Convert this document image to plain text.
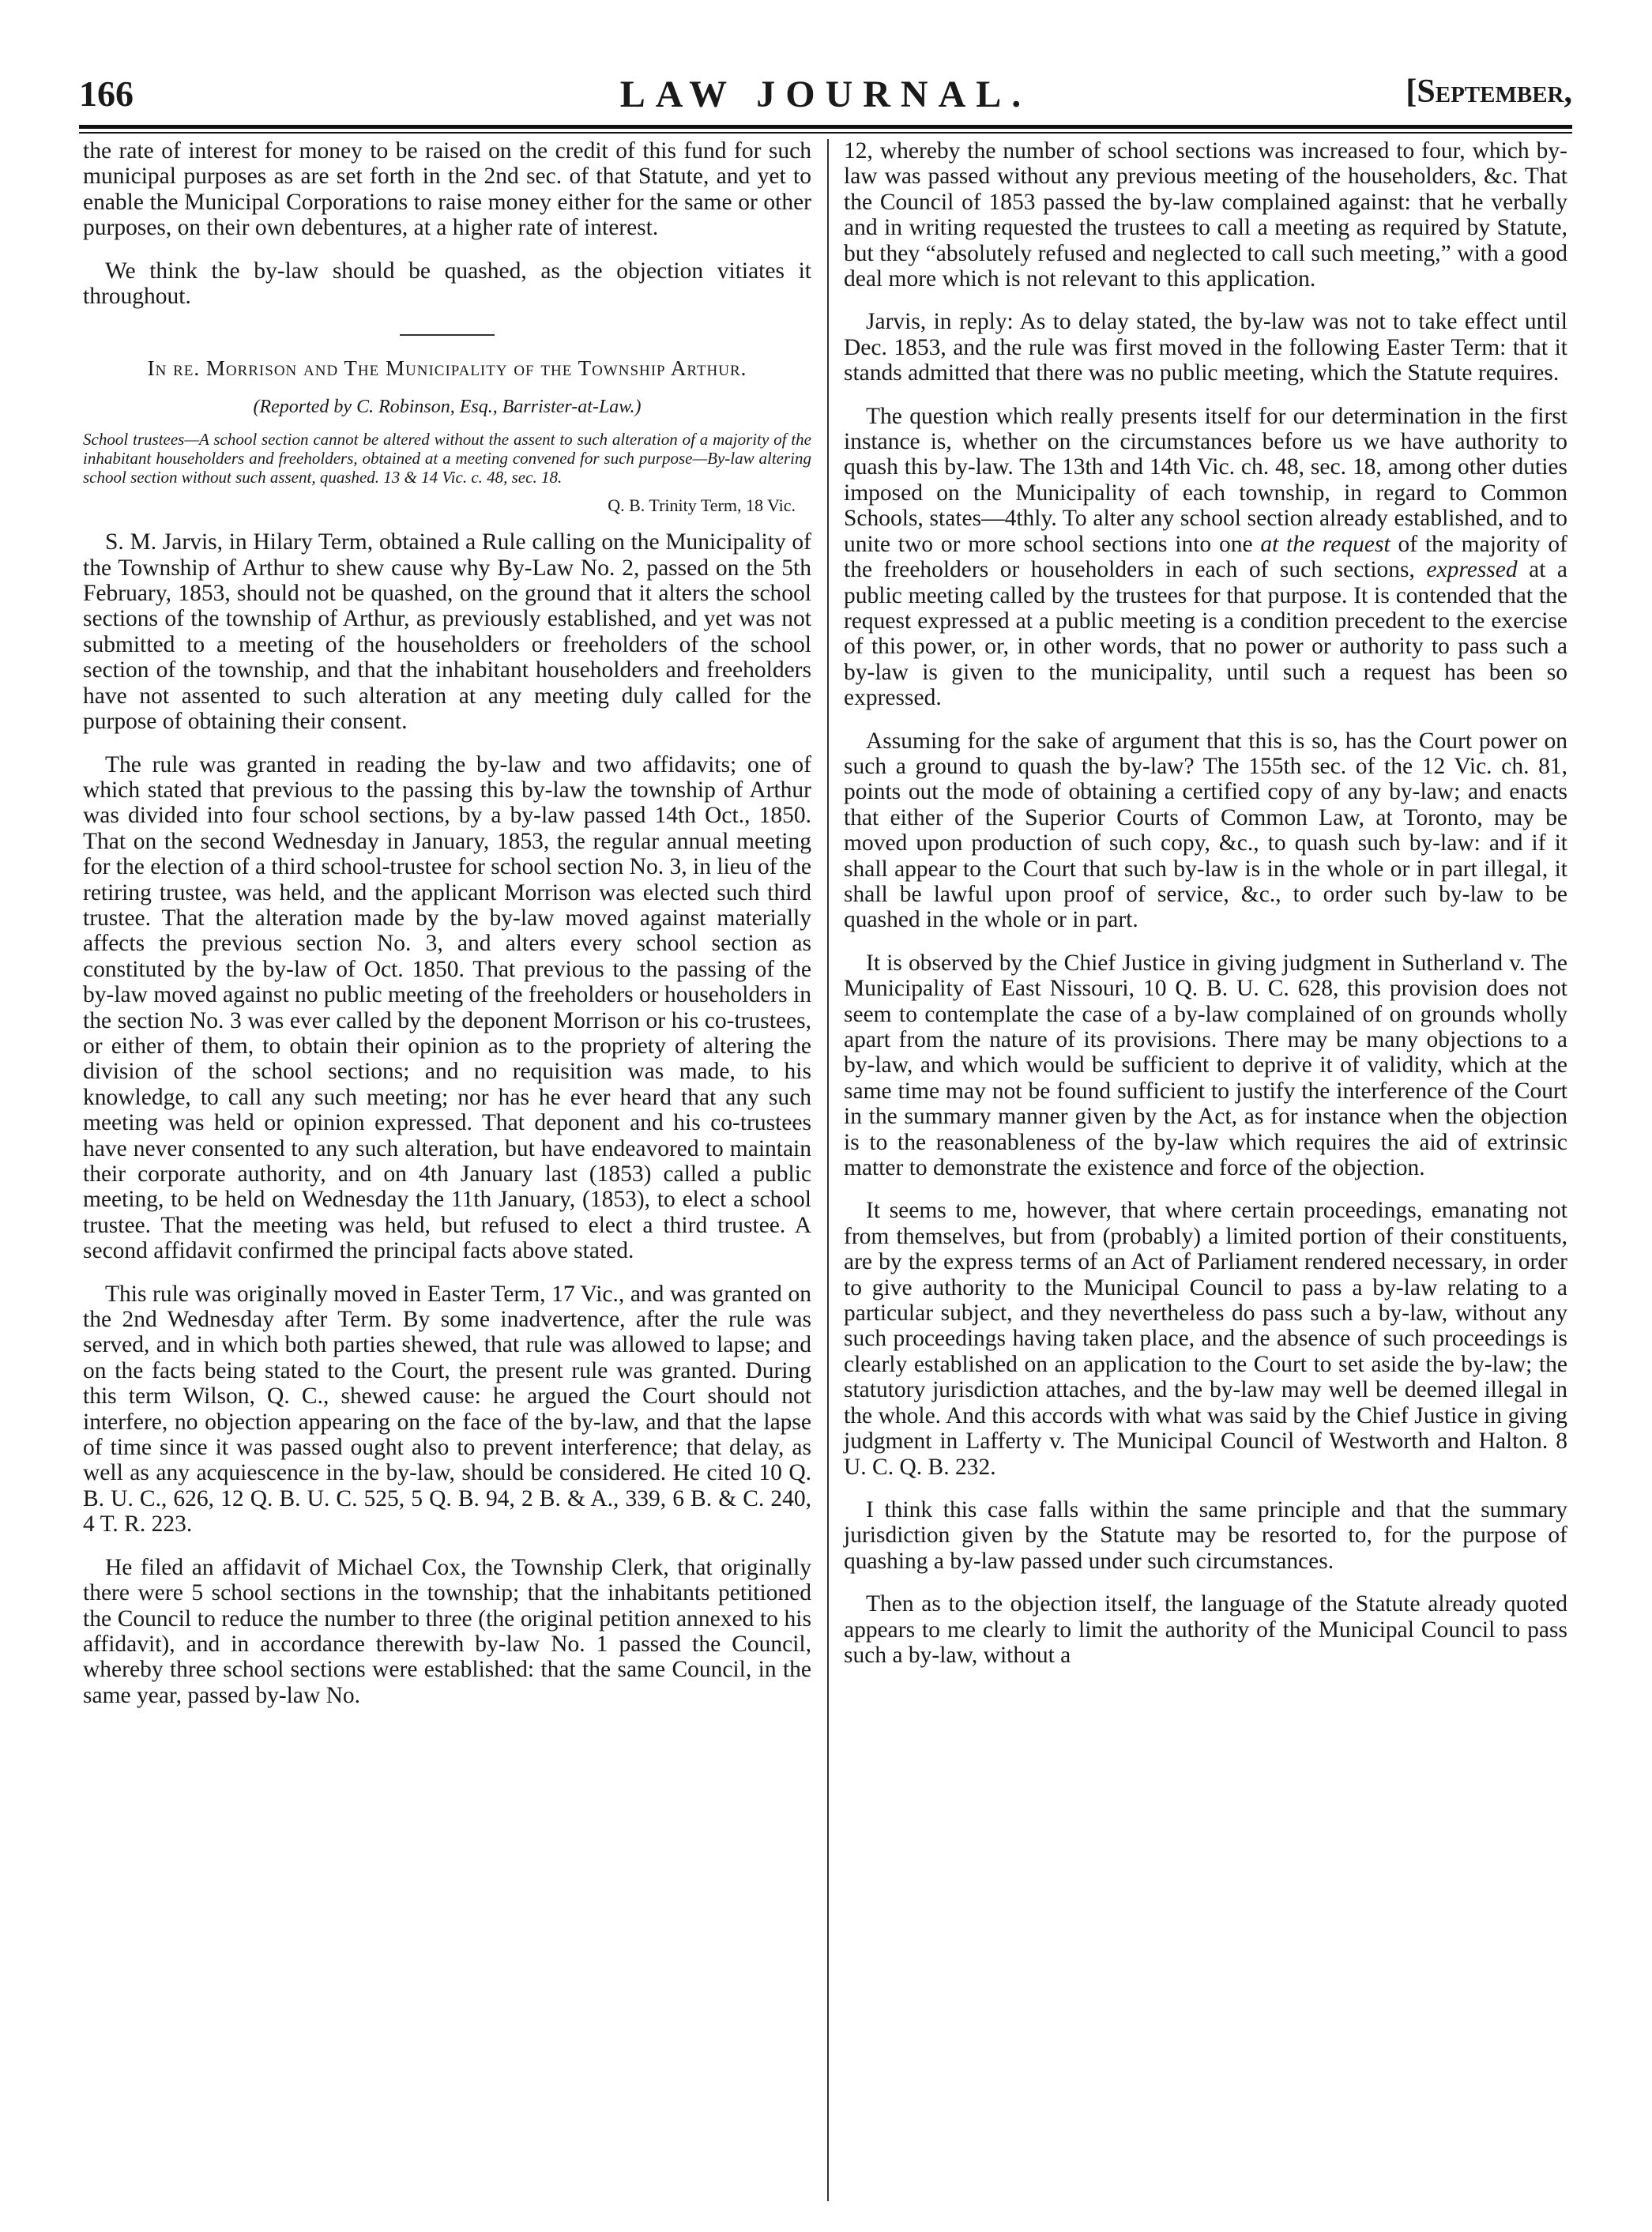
166	LAW JOURNAL.	[September,

the rate of interest for money to be raised on the credit of this fund for such municipal purposes as are set forth in the 2nd sec. of that Statute, and yet to enable the Municipal Corporations to raise money either for the same or other purposes, on their own debentures, at a higher rate of interest.

We think the by-law should be quashed, as the objection vitiates it throughout.

In re. Morrison and The Municipality of the Township Arthur.
(Reported by C. Robinson, Esq., Barrister-at-Law.)
School trustees—A school section cannot be altered without the assent to such alteration of a majority of the inhabitant householders and freeholders, obtained at a meeting convened for such purpose—By-law altering school section without such assent, quashed. 13 & 14 Vic. c. 48, sec. 18.
Q. B. Trinity Term, 18 Vic.

S. M. Jarvis, in Hilary Term, obtained a Rule calling on the Municipality of the Township of Arthur to shew cause why By-Law No. 2, passed on the 5th February, 1853, should not be quashed, on the ground that it alters the school sections of the township of Arthur, as previously established, and yet was not submitted to a meeting of the householders or freeholders of the school section of the township, and that the inhabitant householders and freeholders have not assented to such alteration at any meeting duly called for the purpose of obtaining their consent.

The rule was granted in reading the by-law and two affidavits; one of which stated that previous to the passing this by-law the township of Arthur was divided into four school sections, by a by-law passed 14th Oct., 1850. That on the second Wednesday in January, 1853, the regular annual meeting for the election of a third school-trustee for school section No. 3, in lieu of the retiring trustee, was held, and the applicant Morrison was elected such third trustee. That the alteration made by the by-law moved against materially affects the previous section No. 3, and alters every school section as constituted by the by-law of Oct. 1850. That previous to the passing of the by-law moved against no public meeting of the freeholders or householders in the section No. 3 was ever called by the deponent Morrison or his co-trustees, or either of them, to obtain their opinion as to the propriety of altering the division of the school sections; and no requisition was made, to his knowledge, to call any such meeting; nor has he ever heard that any such meeting was held or opinion expressed. That deponent and his co-trustees have never consented to any such alteration, but have endeavored to maintain their corporate authority, and on 4th January last (1853) called a public meeting, to be held on Wednesday the 11th January, (1853), to elect a school trustee. That the meeting was held, but refused to elect a third trustee. A second affidavit confirmed the principal facts above stated.

This rule was originally moved in Easter Term, 17 Vic., and was granted on the 2nd Wednesday after Term. By some inadvertence, after the rule was served, and in which both parties shewed, that rule was allowed to lapse; and on the facts being stated to the Court, the present rule was granted. During this term Wilson, Q. C., shewed cause: he argued the Court should not interfere, no objection appearing on the face of the by-law, and that the lapse of time since it was passed ought also to prevent interference; that delay, as well as any acquiescence in the by-law, should be considered. He cited 10 Q. B. U. C., 626, 12 Q. B. U. C. 525, 5 Q. B. 94, 2 B. & A., 339, 6 B. & C. 240, 4 T. R. 223.

He filed an affidavit of Michael Cox, the Township Clerk, that originally there were 5 school sections in the township; that the inhabitants petitioned the Council to reduce the number to three (the original petition annexed to his affidavit), and in accordance therewith by-law No. 1 passed the Council, whereby three school sections were established: that the same Council, in the same year, passed by-law No.

12, whereby the number of school sections was increased to four, which by-law was passed without any previous meeting of the householders, &c. That the Council of 1853 passed the by-law complained against: that he verbally and in writing requested the trustees to call a meeting as required by Statute, but they “absolutely refused and neglected to call such meeting,” with a good deal more which is not relevant to this application.

Jarvis, in reply: As to delay stated, the by-law was not to take effect until Dec. 1853, and the rule was first moved in the following Easter Term: that it stands admitted that there was no public meeting, which the Statute requires.

The question which really presents itself for our determination in the first instance is, whether on the circumstances before us we have authority to quash this by-law. The 13th and 14th Vic. ch. 48, sec. 18, among other duties imposed on the Municipality of each township, in regard to Common Schools, states—4thly. To alter any school section already established, and to unite two or more school sections into one at the request of the majority of the freeholders or householders in each of such sections, expressed at a public meeting called by the trustees for that purpose. It is contended that the request expressed at a public meeting is a condition precedent to the exercise of this power, or, in other words, that no power or authority to pass such a by-law is given to the municipality, until such a request has been so expressed.

Assuming for the sake of argument that this is so, has the Court power on such a ground to quash the by-law? The 155th sec. of the 12 Vic. ch. 81, points out the mode of obtaining a certified copy of any by-law; and enacts that either of the Superior Courts of Common Law, at Toronto, may be moved upon production of such copy, &c., to quash such by-law: and if it shall appear to the Court that such by-law is in the whole or in part illegal, it shall be lawful upon proof of service, &c., to order such by-law to be quashed in the whole or in part.

It is observed by the Chief Justice in giving judgment in Sutherland v. The Municipality of East Nissouri, 10 Q. B. U. C. 628, this provision does not seem to contemplate the case of a by-law complained of on grounds wholly apart from the nature of its provisions. There may be many objections to a by-law, and which would be sufficient to deprive it of validity, which at the same time may not be found sufficient to justify the interference of the Court in the summary manner given by the Act, as for instance when the objection is to the reasonableness of the by-law which requires the aid of extrinsic matter to demonstrate the existence and force of the objection.

It seems to me, however, that where certain proceedings, emanating not from themselves, but from (probably) a limited portion of their constituents, are by the express terms of an Act of Parliament rendered necessary, in order to give authority to the Municipal Council to pass a by-law relating to a particular subject, and they nevertheless do pass such a by-law, without any such proceedings having taken place, and the absence of such proceedings is clearly established on an application to the Court to set aside the by-law; the statutory jurisdiction attaches, and the by-law may well be deemed illegal in the whole. And this accords with what was said by the Chief Justice in giving judgment in Lafferty v. The Municipal Council of Westworth and Halton. 8 U. C. Q. B. 232.

I think this case falls within the same principle and that the summary jurisdiction given by the Statute may be resorted to, for the purpose of quashing a by-law passed under such circumstances.

Then as to the objection itself, the language of the Statute already quoted appears to me clearly to limit the authority of the Municipal Council to pass such a by-law, without a
